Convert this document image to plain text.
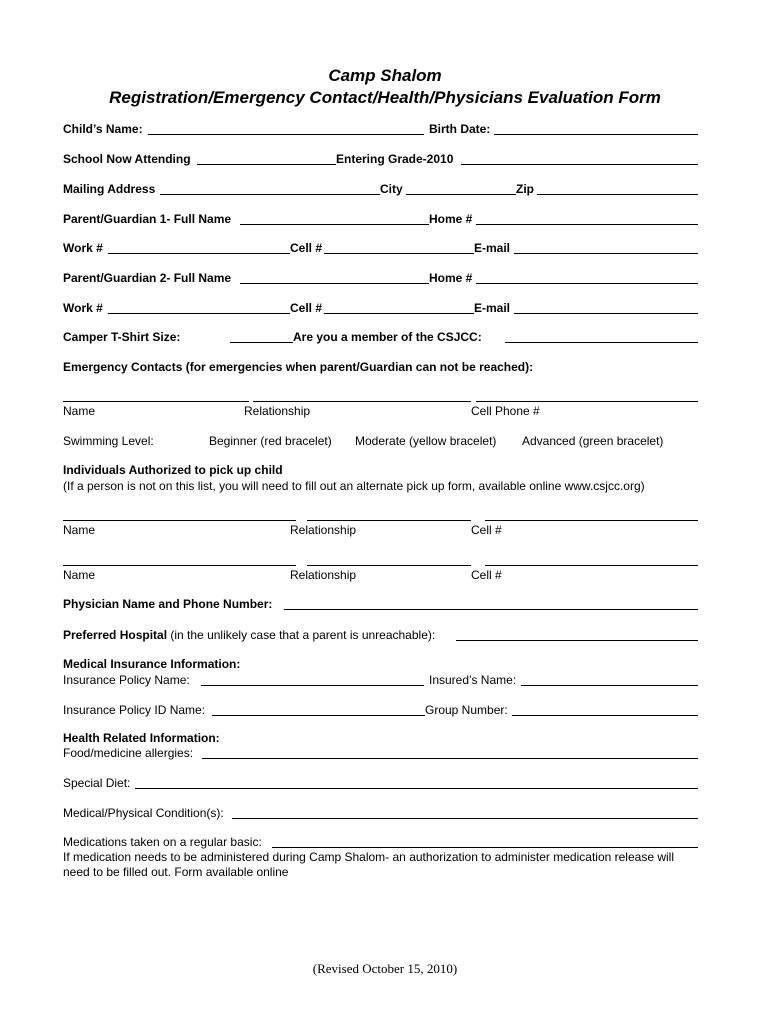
Camp Shalom
Registration/Emergency Contact/Health/Physicians Evaluation Form
Child’s Name:	Birth Date:
School Now Attending	Entering Grade-2010
Mailing Address	City	Zip
Parent/Guardian 1- Full Name	Home #
Work #	Cell #	E-mail
Parent/Guardian 2- Full Name	Home #
Work #	Cell #	E-mail
Camper T-Shirt Size:	Are you a member of the CSJCC:
Emergency Contacts (for emergencies when parent/Guardian can not be reached):
Name	Relationship	Cell Phone #
Swimming Level:	Beginner (red bracelet) Moderate (yellow bracelet) Advanced (green bracelet)
Individuals Authorized to pick up child
(If a person is not on this list, you will need to fill out an alternate pick up form, available online www.csjcc.org)
Name	Relationship	Cell #
Name	Relationship	Cell #
Physician Name and Phone Number:
Preferred Hospital (in the unlikely case that a parent is unreachable):
Medical Insurance Information:
Insurance Policy Name:	Insured’s Name:
Insurance Policy ID Name:	Group Number:
Health Related Information:
Food/medicine allergies:
Special Diet:
Medical/Physical Condition(s):
Medications taken on a regular basic:
If medication needs to be administered during Camp Shalom- an authorization to administer medication release will
need to be filled out. Form available online
(Revised October 15, 2010)
